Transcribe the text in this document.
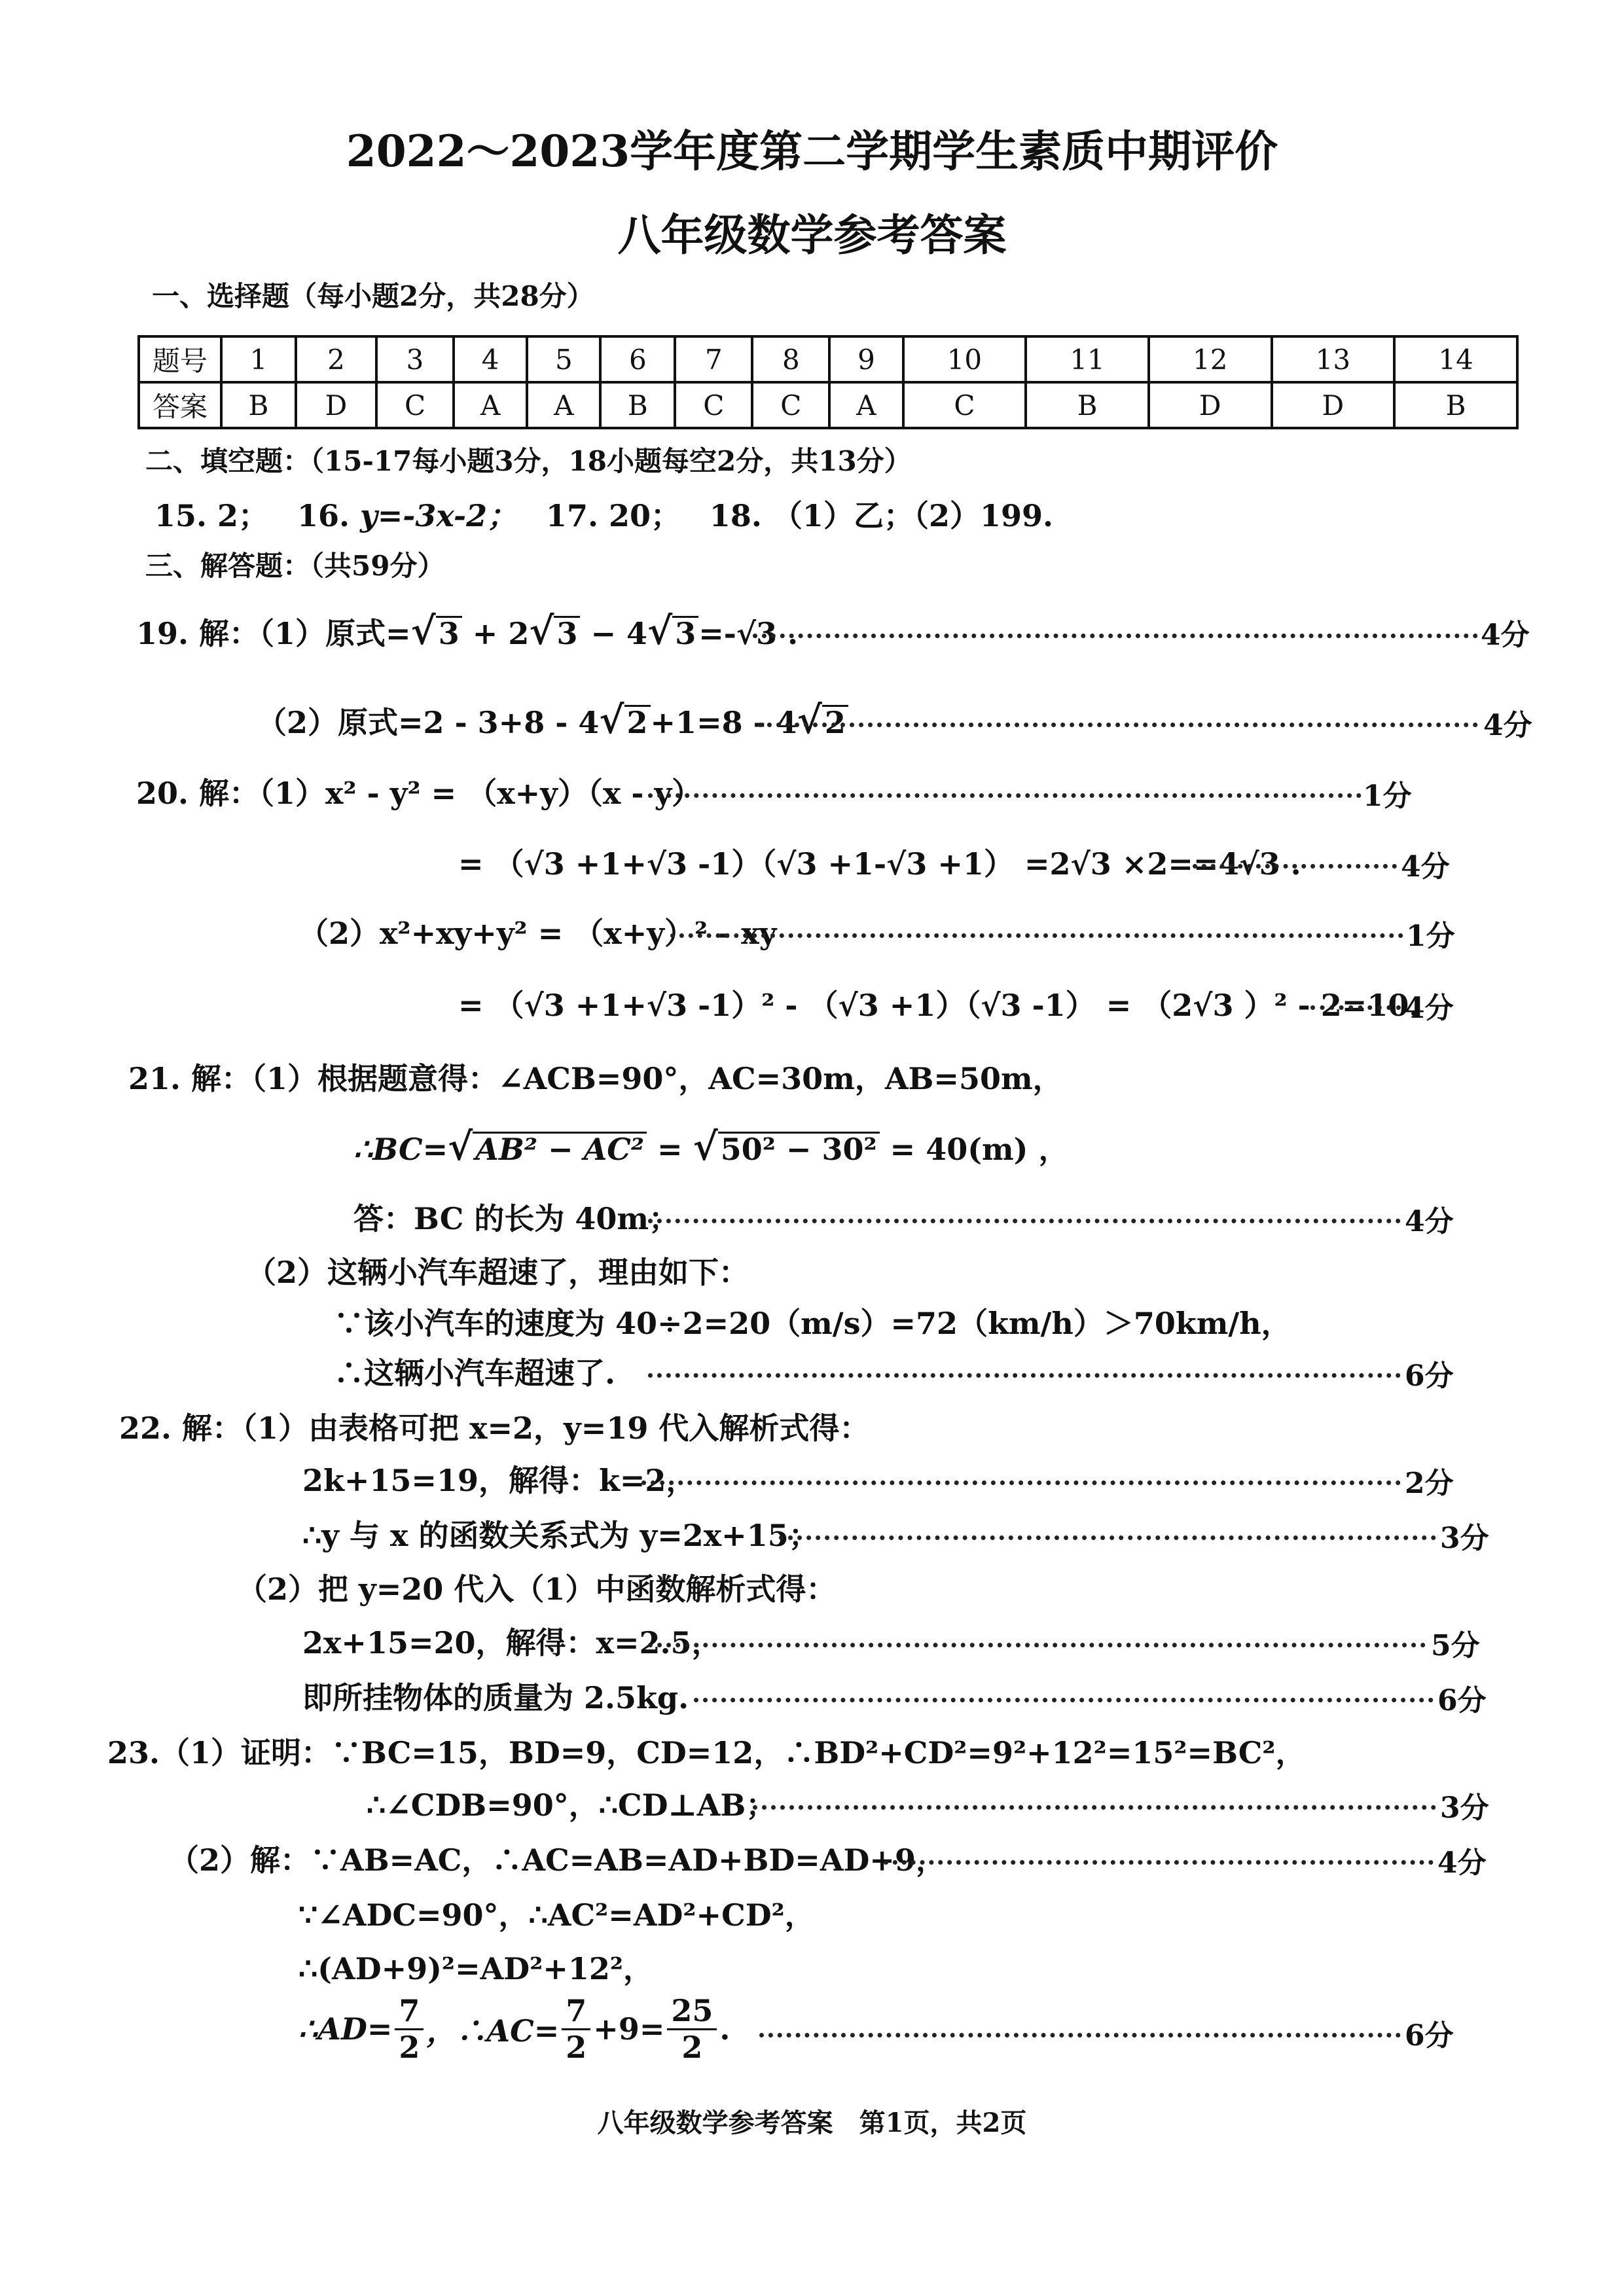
2022～2023学年度第二学期学生素质中期评价
八年级数学参考答案
一、选择题（每小题2分，共28分）
题号	1	2	3	4	5	6	7	8	9	10	11	12	13	14
答案	B	D	C	A	A	B	C	C	A	C	B	D	D	B
二、填空题：（15-17每小题3分，18小题每空2分，共13分）
15. 2； 16. y=-3x-2； 17. 20； 18. （1）乙；（2）199.
三、解答题：（共59分）
19. 解：（1）原式=√3 + 2√3 − 4√3=-√3 .	4分
（2）原式=2 - 3+8 - 4√2+1=8 - 4√2	4分
20. 解：（1）x² - y² = （x+y）（x - y）	1分
= （√3 +1+√3 -1）（√3 +1-√3 +1） =2√3 ×2==4√3 .	4分
（2）x²+xy+y² = （x+y）² - xy	1分
= （√3 +1+√3 -1）² - （√3 +1）（√3 -1） = （2√3 ）² - 2=10.
4分
21. 解：（1）根据题意得：∠ACB=90°，AC=30m，AB=50m，
∴BC=√AB² − AC² = √50² − 30² = 40(m) ，
答：BC 的长为 40m；	4分
（2）这辆小汽车超速了，理由如下：
∵该小汽车的速度为 40÷2=20（m/s）=72（km/h）＞70km/h，
∴这辆小汽车超速了.	6分
22. 解：（1）由表格可把 x=2，y=19 代入解析式得：
2k+15=19，解得：k=2，	2分
∴y 与 x 的函数关系式为 y=2x+15；	3分
（2）把 y=20 代入（1）中函数解析式得：
2x+15=20，解得：x=2.5，	5分
即所挂物体的质量为 2.5kg.	6分
23.（1）证明：∵BC=15，BD=9，CD=12，∴BD²+CD²=9²+12²=15²=BC²，
∴∠CDB=90°，∴CD⊥AB；	3分
（2）解：∵AB=AC，∴AC=AB=AD+BD=AD+9，	4分
∵∠ADC=90°，∴AC²=AD²+CD²，
∴(AD+9)²=AD²+12²，
∴AD= $\frac{7}{2}$ ，∴AC= $\frac{7}{2} +9= \frac{25}{2}$ .	6分
八年级数学参考答案　第1页，共2页
